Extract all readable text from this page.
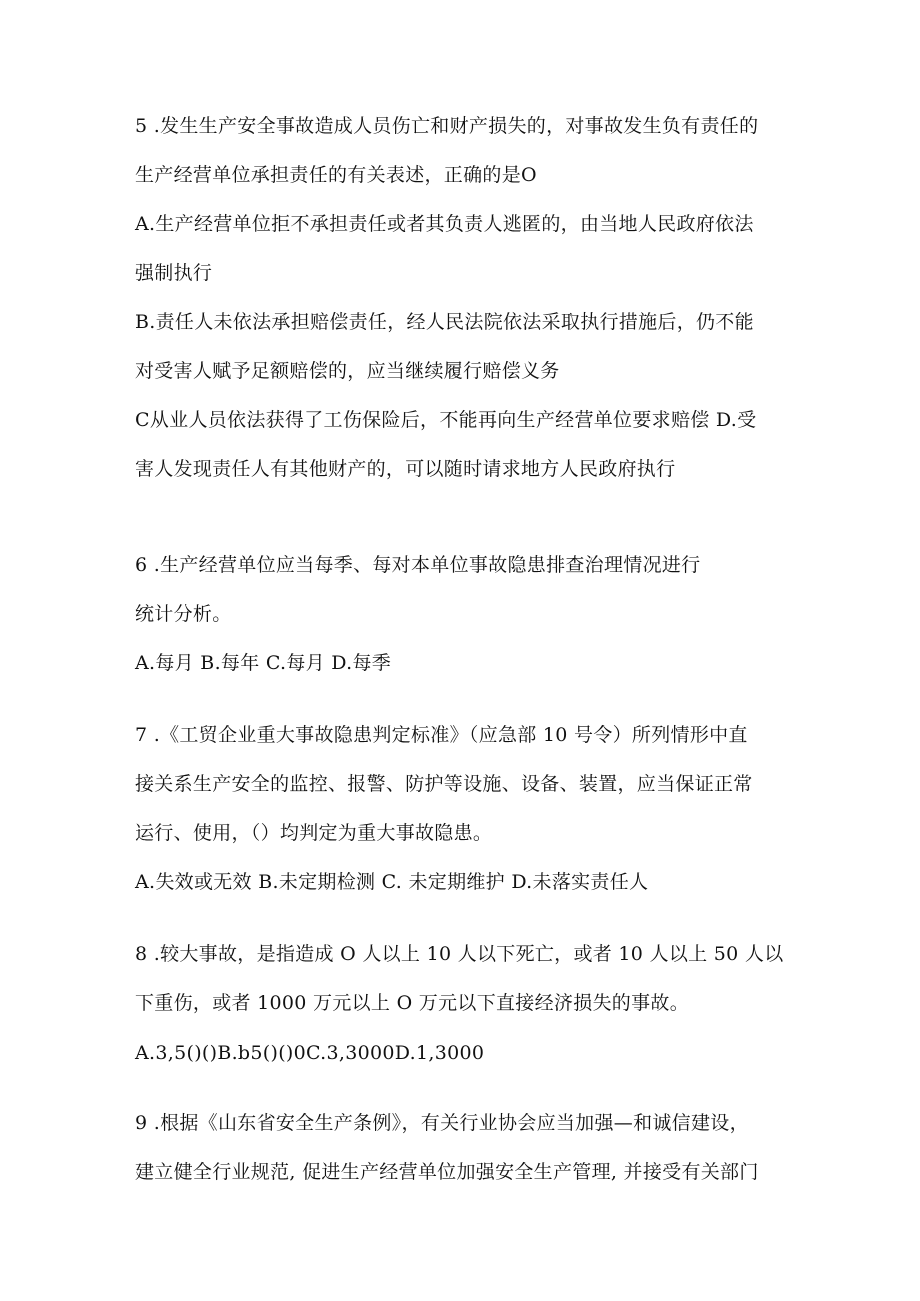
5 .发生生产安全事故造成人员伤亡和财产损失的，对事故发生负有责任的
生产经营单位承担责任的有关表述，正确的是O
A.生产经营单位拒不承担责任或者其负责人逃匿的，由当地人民政府依法
强制执行
B.责任人未依法承担赔偿责任，经人民法院依法采取执行措施后，仍不能
对受害人赋予足额赔偿的，应当继续履行赔偿义务
C从业人员依法获得了工伤保险后，不能再向生产经营单位要求赔偿 D.受
害人发现责任人有其他财产的，可以随时请求地方人民政府执行
6 .生产经营单位应当每季、每对本单位事故隐患排查治理情况进行
统计分析。
A.每月 B.每年 C.每月 D.每季
7 .《工贸企业重大事故隐患判定标准》（应急部 10 号令）所列情形中直
接关系生产安全的监控、报警、防护等设施、设备、装置，应当保证正常
运行、使用，（）均判定为重大事故隐患。
A.失效或无效 B.未定期检测 C. 未定期维护 D.未落实责任人
8 .较大事故，是指造成 O 人以上 10 人以下死亡，或者 10 人以上 50 人以
下重伤，或者 1000 万元以上 O 万元以下直接经济损失的事故。
A.3,5()()B.b5()()0C.3,3000D.1,3000
9 .根据《山东省安全生产条例》，有关行业协会应当加强—和诚信建设，
建立健全行业规范, 促进生产经营单位加强安全生产管理, 并接受有关部门
